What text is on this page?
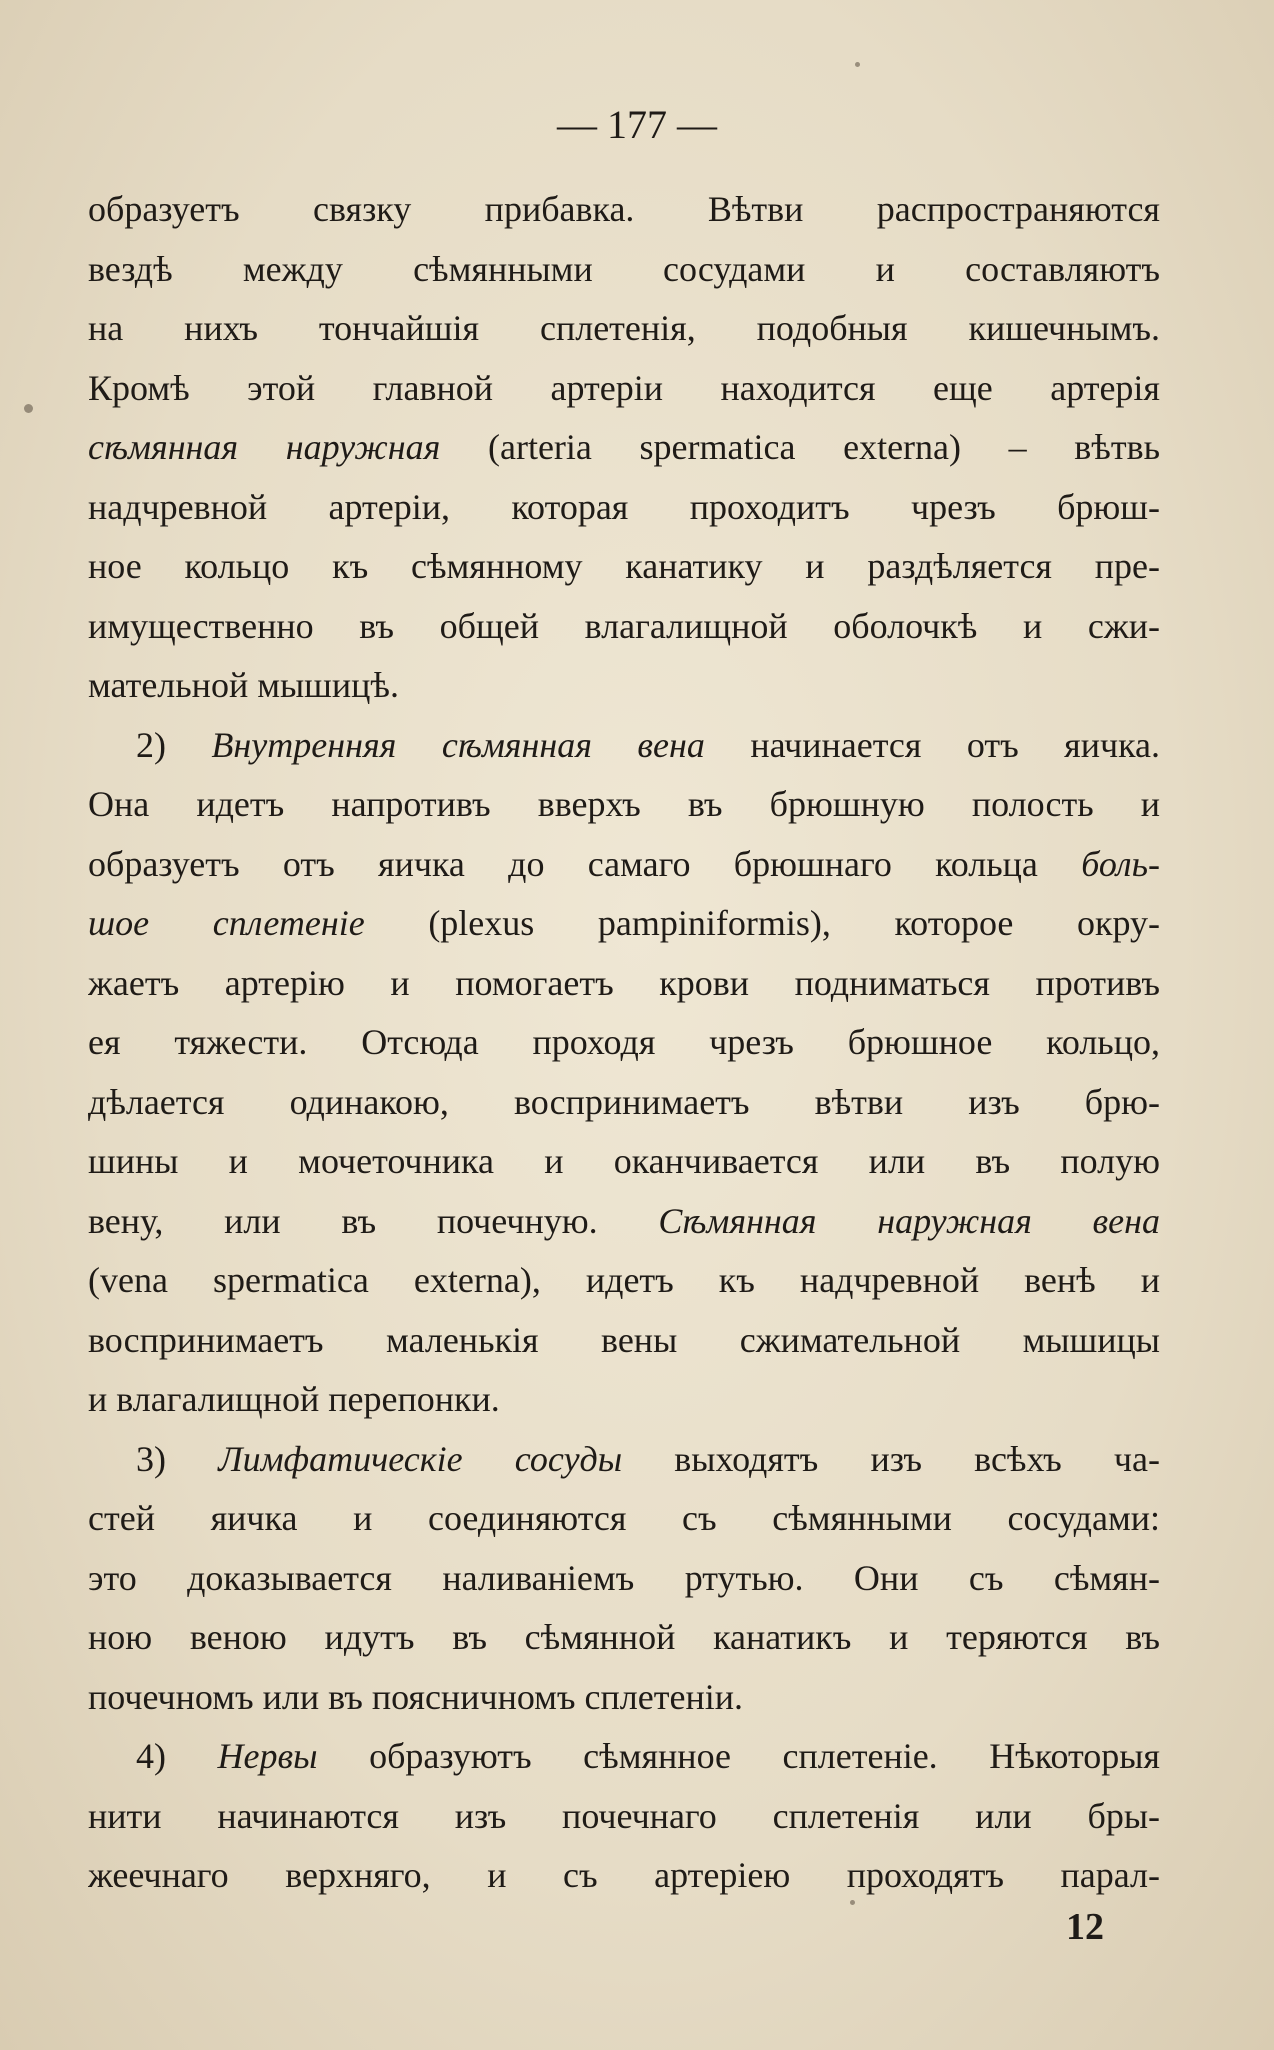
— 177 —
образуетъ связку прибавка. Вѣтви распространяются
вездѣ между сѣмянными сосудами и составляютъ
на нихъ тончайшія сплетенія, подобныя кишечнымъ.
Кромѣ этой главной артеріи находится еще артерія
сѣмянная наружная (arteria spermatica externa) – вѣтвь
надчревной артеріи, которая проходитъ чрезъ брюш-
ное кольцо къ сѣмянному канатику и раздѣляется пре-
имущественно въ общей влагалищной оболочкѣ и сжи-
мательной мышицѣ.
2) Внутренняя сѣмянная вена начинается отъ яичка.
Она идетъ напротивъ вверхъ въ брюшную полость и
образуетъ отъ яичка до самаго брюшнаго кольца боль-
шое сплетеніе (plexus pampiniformis), которое окру-
жаетъ артерію и помогаетъ крови подниматься противъ
ея тяжести. Отсюда проходя чрезъ брюшное кольцо,
дѣлается одинакою, воспринимаетъ вѣтви изъ брю-
шины и мочеточника и оканчивается или въ полую
вену, или въ почечную. Сѣмянная наружная вена
(vena spermatica externa), идетъ къ надчревной венѣ и
воспринимаетъ маленькія вены сжимательной мышицы
и влагалищной перепонки.
3) Лимфатическіе сосуды выходятъ изъ всѣхъ ча-
стей яичка и соединяются съ сѣмянными сосудами:
это доказывается наливаніемъ ртутью. Они съ сѣмян-
ною веною идутъ въ сѣмянной канатикъ и теряются въ
почечномъ или въ поясничномъ сплетеніи.
4) Нервы образуютъ сѣмянное сплетеніе. Нѣкоторыя
нити начинаются изъ почечнаго сплетенія или бры-
жеечнаго верхняго, и съ артеріею проходятъ парал-
12
